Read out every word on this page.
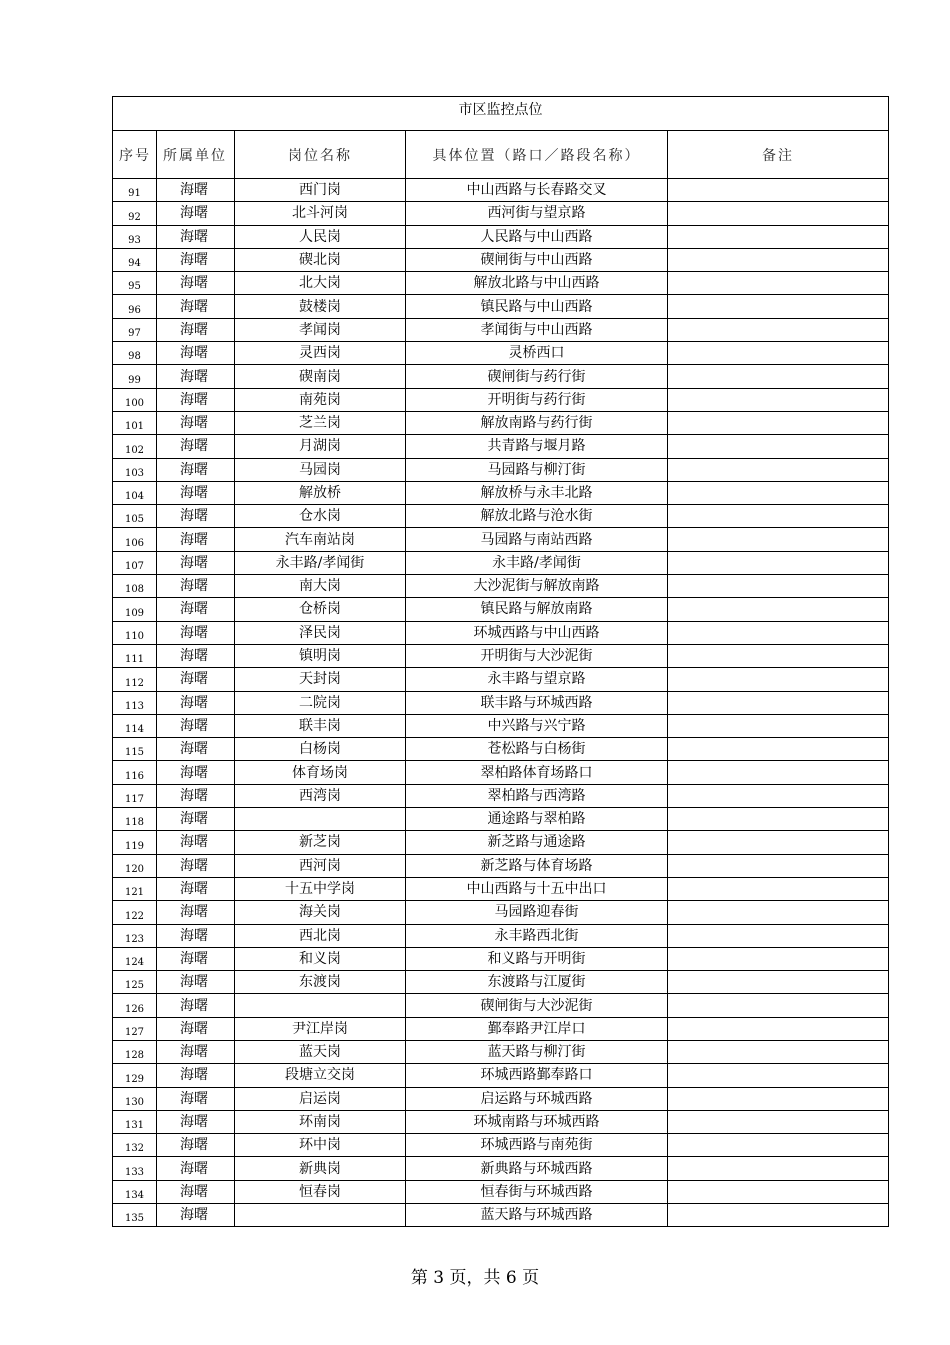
市区监控点位				
序号	所属单位	岗位名称	具体位置（路口／路段名称）	备注
91	海曙	西门岗	中山西路与长春路交叉	
92	海曙	北斗河岗	西河街与望京路	
93	海曙	人民岗	人民路与中山西路	
94	海曙	碶北岗	碶闸街与中山西路	
95	海曙	北大岗	解放北路与中山西路	
96	海曙	鼓楼岗	镇民路与中山西路	
97	海曙	孝闻岗	孝闻街与中山西路	
98	海曙	灵西岗	灵桥西口	
99	海曙	碶南岗	碶闸街与药行街	
100	海曙	南苑岗	开明街与药行街	
101	海曙	芝兰岗	解放南路与药行街	
102	海曙	月湖岗	共青路与堰月路	
103	海曙	马园岗	马园路与柳汀街	
104	海曙	解放桥	解放桥与永丰北路	
105	海曙	仓水岗	解放北路与沧水街	
106	海曙	汽车南站岗	马园路与南站西路	
107	海曙	永丰路/孝闻街	永丰路/孝闻街	
108	海曙	南大岗	大沙泥街与解放南路	
109	海曙	仓桥岗	镇民路与解放南路	
110	海曙	泽民岗	环城西路与中山西路	
111	海曙	镇明岗	开明街与大沙泥街	
112	海曙	天封岗	永丰路与望京路	
113	海曙	二院岗	联丰路与环城西路	
114	海曙	联丰岗	中兴路与兴宁路	
115	海曙	白杨岗	苍松路与白杨街	
116	海曙	体育场岗	翠柏路体育场路口	
117	海曙	西湾岗	翠柏路与西湾路	
118	海曙		通途路与翠柏路	
119	海曙	新芝岗	新芝路与通途路	
120	海曙	西河岗	新芝路与体育场路	
121	海曙	十五中学岗	中山西路与十五中出口	
122	海曙	海关岗	马园路迎春街	
123	海曙	西北岗	永丰路西北街	
124	海曙	和义岗	和义路与开明街	
125	海曙	东渡岗	东渡路与江厦街	
126	海曙		碶闸街与大沙泥街	
127	海曙	尹江岸岗	鄞奉路尹江岸口	
128	海曙	蓝天岗	蓝天路与柳汀街	
129	海曙	段塘立交岗	环城西路鄞奉路口	
130	海曙	启运岗	启运路与环城西路	
131	海曙	环南岗	环城南路与环城西路	
132	海曙	环中岗	环城西路与南苑街	
133	海曙	新典岗	新典路与环城西路	
134	海曙	恒春岗	恒春街与环城西路	
135	海曙		蓝天路与环城西路	
第 3 页，共 6 页
